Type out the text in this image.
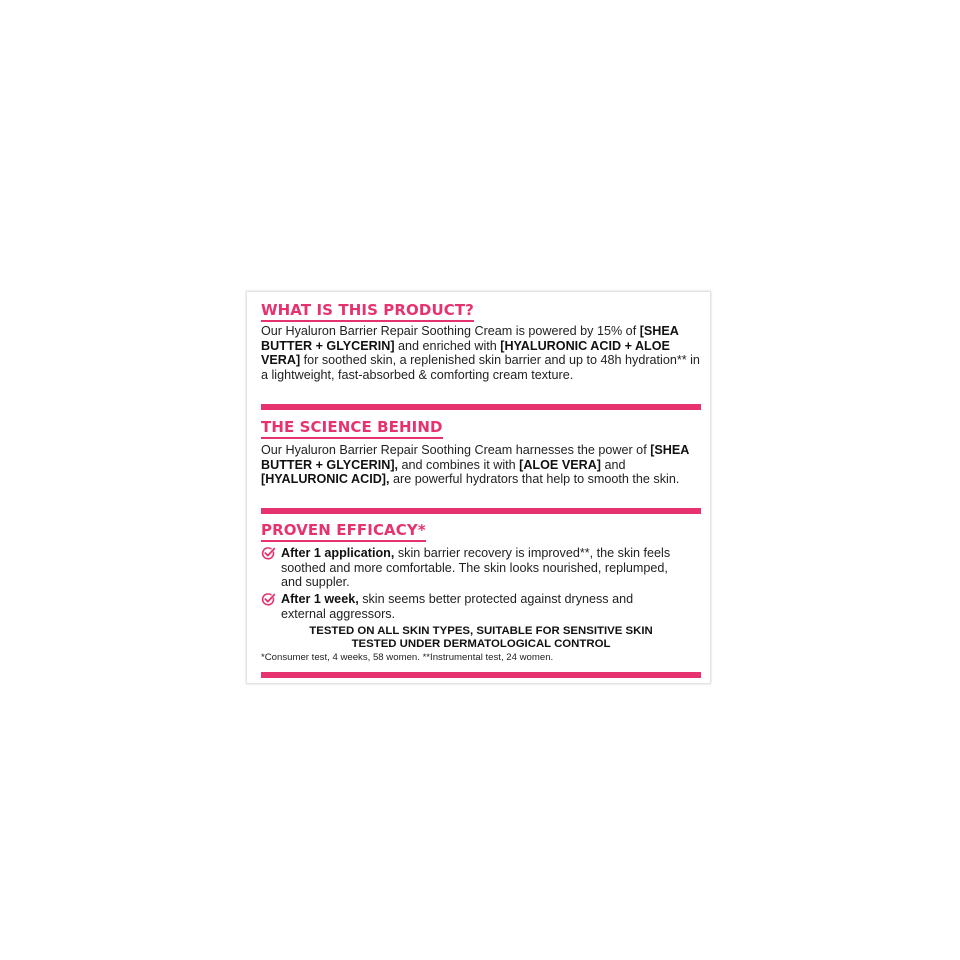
WHAT IS THIS PRODUCT?

Our Hyaluron Barrier Repair Soothing Cream is powered by 15% of [SHEA BUTTER + GLYCERIN] and enriched with [HYALURONIC ACID + ALOE VERA] for soothed skin, a replenished skin barrier and up to 48h hydration** in a lightweight, fast-absorbed & comforting cream texture.

THE SCIENCE BEHIND

Our Hyaluron Barrier Repair Soothing Cream harnesses the power of [SHEA BUTTER + GLYCERIN], and combines it with [ALOE VERA] and [HYALURONIC ACID], are powerful hydrators that help to smooth the skin.

PROVEN EFFICACY*
After 1 application, skin barrier recovery is improved**, the skin feels soothed and more comfortable. The skin looks nourished, replumped, and suppler.
After 1 week, skin seems better protected against dryness and external aggressors.
TESTED ON ALL SKIN TYPES, SUITABLE FOR SENSITIVE SKIN
TESTED UNDER DERMATOLOGICAL CONTROL
*Consumer test, 4 weeks, 58 women. **Instrumental test, 24 women.
